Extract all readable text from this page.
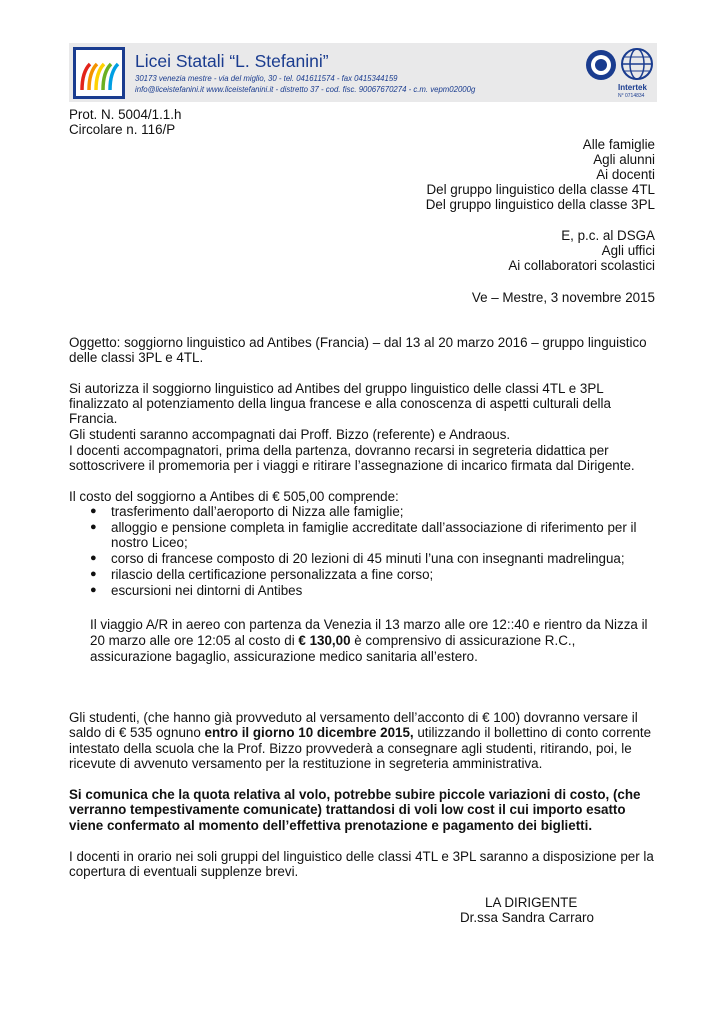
Licei Statali “L. Stefanini”
30173 venezia mestre - via del miglio, 30 - tel. 041611574 - fax 0415344159
info@liceistefanini.it www.liceistefanini.it - distretto 37 - cod. fisc. 90067670274 - c.m. vepm02000g	Intertek
N° 0714834
Prot. N. 5004/1.1.h
Circolare n. 116/P
Alle famiglie
Agli alunni
Ai docenti
Del gruppo linguistico della classe 4TL
Del gruppo linguistico della classe 3PL
E, p.c. al DSGA
Agli uffici
Ai collaboratori scolastici
Ve – Mestre, 3 novembre 2015
Oggetto: soggiorno linguistico ad Antibes (Francia) – dal 13 al 20 marzo 2016 – gruppo linguistico
delle classi 3PL e 4TL.
Si autorizza il soggiorno linguistico ad Antibes del gruppo linguistico delle classi 4TL e 3PL
finalizzato al potenziamento della lingua francese e alla conoscenza di aspetti culturali della
Francia.
Gli studenti saranno accompagnati dai Proff. Bizzo (referente) e Andraous.
I docenti accompagnatori, prima della partenza, dovranno recarsi in segreteria didattica per
sottoscrivere il promemoria per i viaggi e ritirare l’assegnazione di incarico firmata dal Dirigente.
Il costo del soggiorno a Antibes di € 505,00 comprende:
● trasferimento dall’aeroporto di Nizza alle famiglie;
● alloggio e pensione completa in famiglie accreditate dall’associazione di riferimento per il
nostro Liceo;
● corso di francese composto di 20 lezioni di 45 minuti l’una con insegnanti madrelingua;
● rilascio della certificazione personalizzata a fine corso;
● escursioni nei dintorni di Antibes
Il viaggio A/R in aereo con partenza da Venezia il 13 marzo alle ore 12::40 e rientro da Nizza il
20 marzo alle ore 12:05 al costo di € 130,00 è comprensivo di assicurazione R.C.,
assicurazione bagaglio, assicurazione medico sanitaria all’estero.
Gli studenti, (che hanno già provveduto al versamento dell’acconto di € 100) dovranno versare il
saldo di € 535 ognuno entro il giorno 10 dicembre 2015, utilizzando il bollettino di conto corrente
intestato della scuola che la Prof. Bizzo provvederà a consegnare agli studenti, ritirando, poi, le
ricevute di avvenuto versamento per la restituzione in segreteria amministrativa.
Si comunica che la quota relativa al volo, potrebbe subire piccole variazioni di costo, (che
verranno tempestivamente comunicate) trattandosi di voli low cost il cui importo esatto
viene confermato al momento dell’effettiva prenotazione e pagamento dei biglietti.
I docenti in orario nei soli gruppi del linguistico delle classi 4TL e 3PL saranno a disposizione per la
copertura di eventuali supplenze brevi.
LA DIRIGENTE
Dr.ssa Sandra Carraro
